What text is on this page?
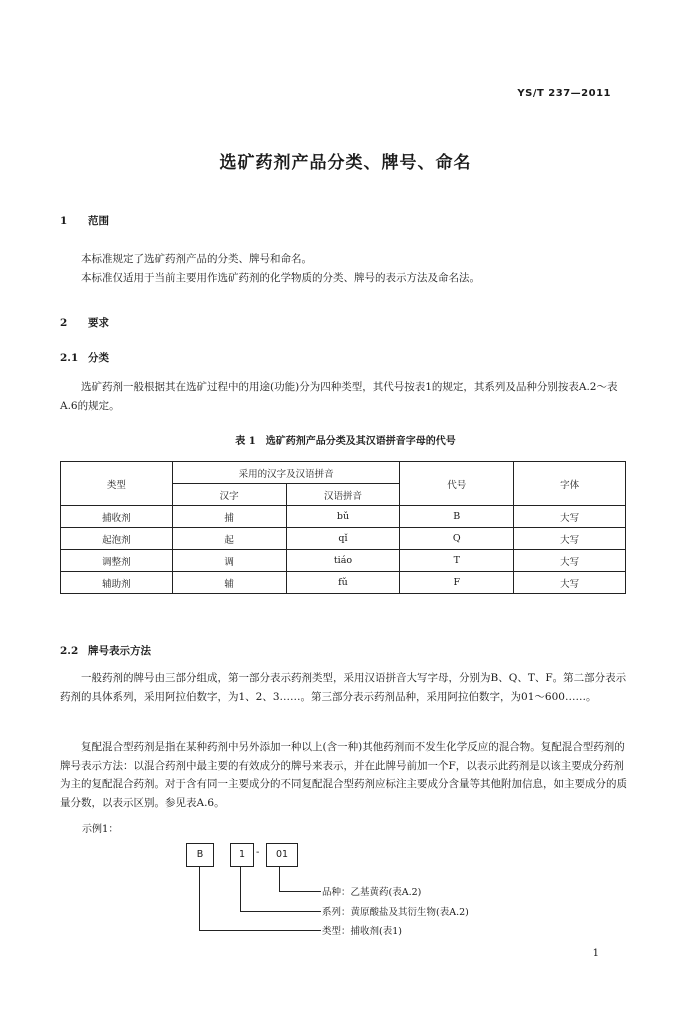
YS/T 237—2011
选矿药剂产品分类、牌号、命名
1 范围
本标准规定了选矿药剂产品的分类、牌号和命名。
本标准仅适用于当前主要用作选矿药剂的化学物质的分类、牌号的表示方法及命名法。
2 要求
2.1 分类
选矿药剂一般根据其在选矿过程中的用途(功能)分为四种类型，其代号按表1的规定，其系列及品种分别按表A.2～表A.6的规定。
表 1　选矿药剂产品分类及其汉语拼音字母的代号
类型	采用的汉字及汉语拼音		代号	字体
	汉字	汉语拼音		
捕收剂	捕	bǔ	B	大写
起泡剂	起	qǐ	Q	大写
调整剂	调	tiáo	T	大写
辅助剂	辅	fǔ	F	大写
2.2 牌号表示方法
一般药剂的牌号由三部分组成，第一部分表示药剂类型，采用汉语拼音大写字母，分别为B、Q、T、F。第二部分表示药剂的具体系列，采用阿拉伯数字，为1、2、3……。第三部分表示药剂品种，采用阿拉伯数字，为01～600……。
复配混合型药剂是指在某种药剂中另外添加一种以上(含一种)其他药剂而不发生化学反应的混合物。复配混合型药剂的牌号表示方法：以混合药剂中最主要的有效成分的牌号来表示，并在此牌号前加一个F，以表示此药剂是以该主要成分药剂为主的复配混合药剂。对于含有同一主要成分的不同复配混合型药剂应标注主要成分含量等其他附加信息，如主要成分的质量分数，以表示区别。参见表A.6。
示例1：
B	1	-	01
品种：乙基黄药(表A.2)
系列：黄原酸盐及其衍生物(表A.2)
类型：捕收剂(表1)
1
